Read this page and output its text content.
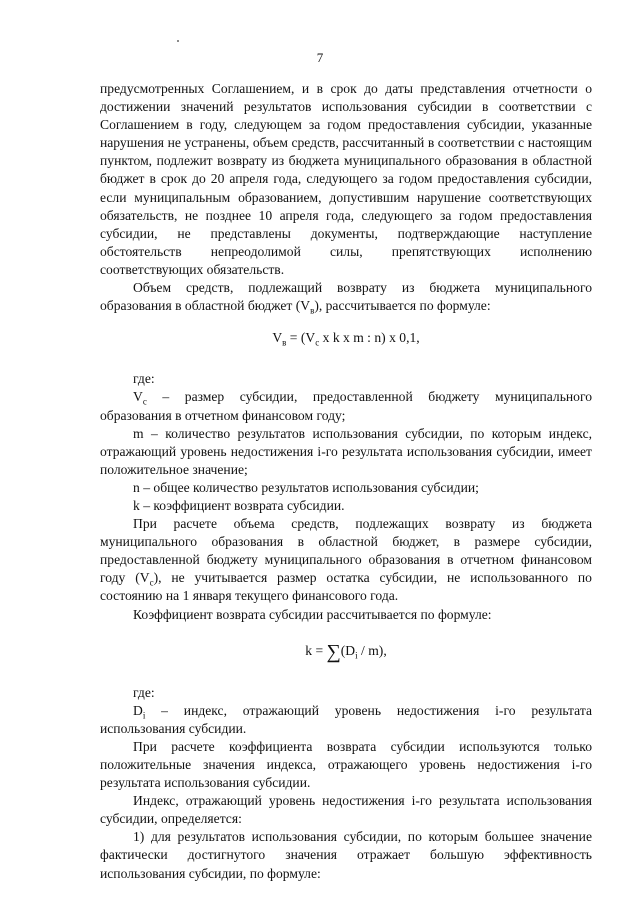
7

предусмотренных Соглашением, и в срок до даты представления отчетности о достижении значений результатов использования субсидии в соответствии с Соглашением в году, следующем за годом предоставления субсидии, указанные нарушения не устранены, объем средств, рассчитанный в соответствии с настоящим пунктом, подлежит возврату из бюджета муниципального образования в областной бюджет в срок до 20 апреля года, следующего за годом предоставления субсидии, если муниципальным образованием, допустившим нарушение соответствующих обязательств, не позднее 10 апреля года, следующего за годом предоставления субсидии, не представлены документы, подтверждающие наступление обстоятельств непреодолимой силы, препятствующих исполнению соответствующих обязательств.

Объем средств, подлежащий возврату из бюджета муниципального образования в областной бюджет $(V_в)$, рассчитывается по формуле:

$V_в = (V_с$ x k x m : n) x 0,1,

где:

$V_с$ – размер субсидии, предоставленной бюджету муниципального образования в отчетном финансовом году;

m – количество результатов использования субсидии, по которым индекс, отражающий уровень недостижения i-го результата использования субсидии, имеет положительное значение;

n – общее количество результатов использования субсидии;

k – коэффициент возврата субсидии.

При расчете объема средств, подлежащих возврату из бюджета муниципального образования в областной бюджет, в размере субсидии, предоставленной бюджету муниципального образования в отчетном финансовом году $(V_с)$, не учитывается размер остатка субсидии, не использованного по состоянию на 1 января текущего финансового года.

Коэффициент возврата субсидии рассчитывается по формуле:

$k = \sum(D_i / m)$,

где:

$D_i$ – индекс, отражающий уровень недостижения i-го результата использования субсидии.

При расчете коэффициента возврата субсидии используются только положительные значения индекса, отражающего уровень недостижения i-го результата использования субсидии.

Индекс, отражающий уровень недостижения i-го результата использования субсидии, определяется:

1) для результатов использования субсидии, по которым большее значение фактически достигнутого значения отражает большую эффективность использования субсидии, по формуле:
